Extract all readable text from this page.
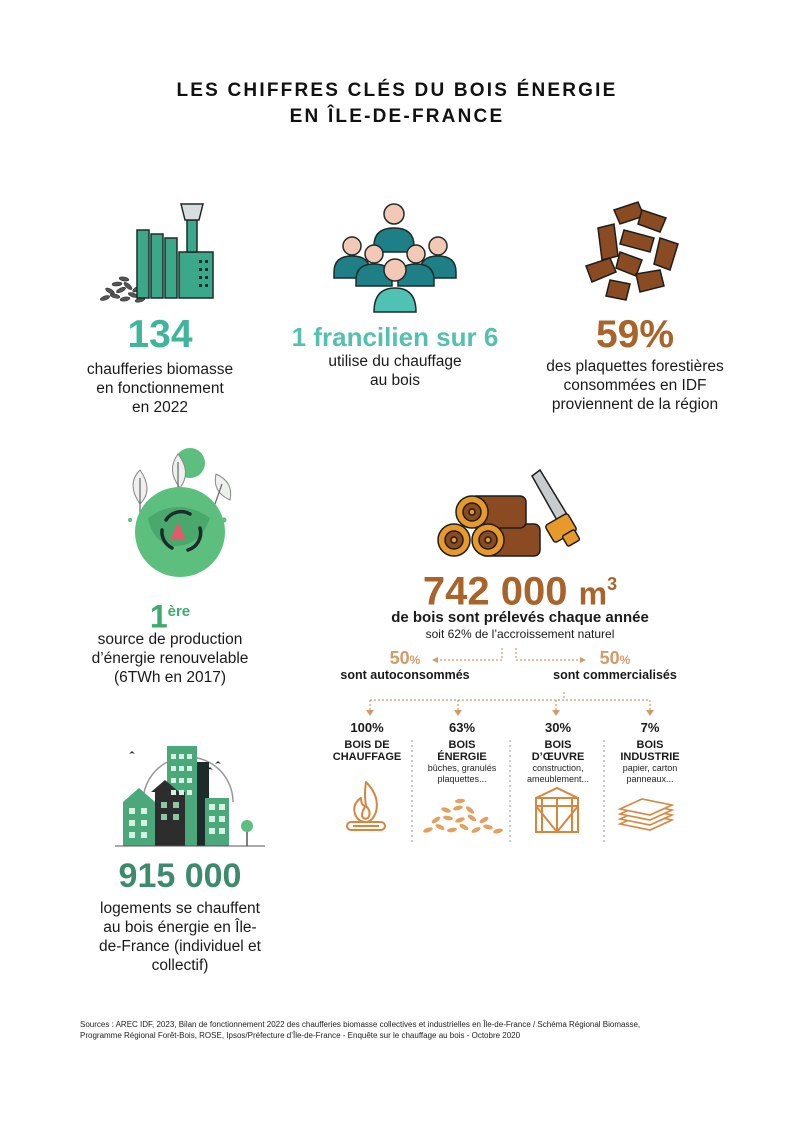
LES CHIFFRES CLÉS DU BOIS ÉNERGIE
EN ÎLE-DE-FRANCE
134
chaufferies biomasse
en fonctionnement
en 2022
1 francilien sur 6
utilise du chauffage
au bois
59%
des plaquettes forestières
consommées en IDF
proviennent de la région
1ère
source de production
d’énergie renouvelable
(6TWh en 2017)
915 000
logements se chauffent
au bois énergie en Île-
de-France (individuel et
collectif)
742 000 $m^3$
de bois sont prélevés chaque année
soit 62% de l’accroissement naturel
50%
sont autoconsommés
50%
sont commercialisés
100%
BOIS DE
CHAUFFAGE
63%
BOIS
ÉNERGIE
bûches, granulés
plaquettes...
30%
BOIS
D’ŒUVRE
construction,
ameublement...
7%
BOIS
INDUSTRIE
papier, carton
panneaux...
Sources : AREC IDF, 2023, Bilan de fonctionnement 2022 des chaufferies biomasse collectives et industrielles en Île-de-France / Schéma Régional Biomasse,
Programme Régional Forêt-Bois, ROSE, Ipsos/Préfecture d’Île-de-France - Enquête sur le chauffage au bois - Octobre 2020
